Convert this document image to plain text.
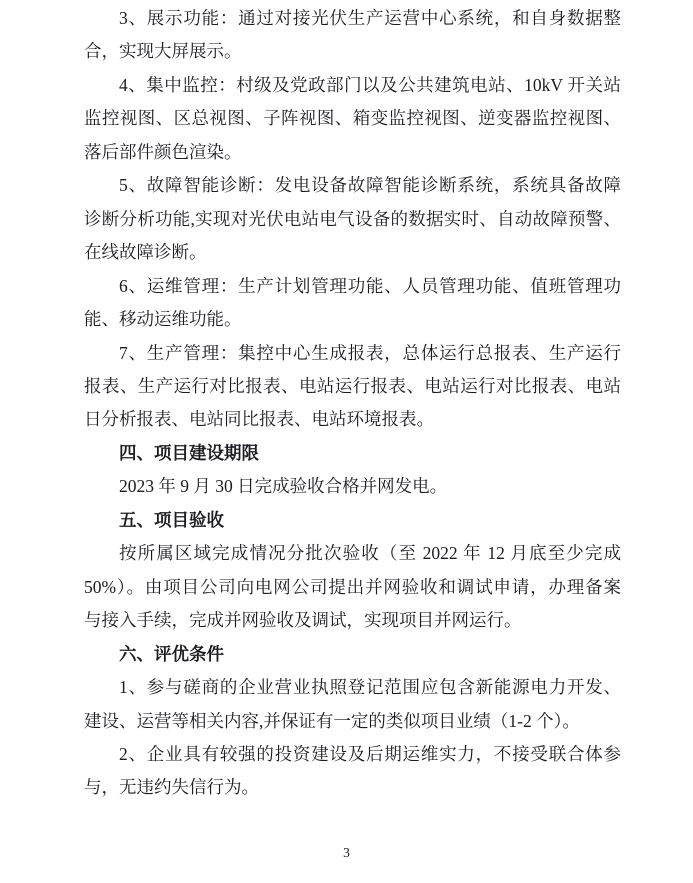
3、展示功能：通过对接光伏生产运营中心系统，和自身数据整
合，实现大屏展示。
4、集中监控：村级及党政部门以及公共建筑电站、10kV 开关站
监控视图、区总视图、子阵视图、箱变监控视图、逆变器监控视图、
落后部件颜色渲染。
5、故障智能诊断：发电设备故障智能诊断系统，系统具备故障
诊断分析功能,实现对光伏电站电气设备的数据实时、自动故障预警、
在线故障诊断。
6、运维管理：生产计划管理功能、人员管理功能、值班管理功
能、移动运维功能。
7、生产管理：集控中心生成报表，总体运行总报表、生产运行
报表、生产运行对比报表、电站运行报表、电站运行对比报表、电站
日分析报表、电站同比报表、电站环境报表。
四、项目建设期限
2023 年 9 月 30 日完成验收合格并网发电。
五、项目验收
按所属区域完成情况分批次验收（至 2022 年 12 月底至少完成
50%）。由项目公司向电网公司提出并网验收和调试申请，办理备案
与接入手续，完成并网验收及调试，实现项目并网运行。
六、评优条件
1、参与磋商的企业营业执照登记范围应包含新能源电力开发、
建设、运营等相关内容,并保证有一定的类似项目业绩（1-2 个）。
2、企业具有较强的投资建设及后期运维实力，不接受联合体参
与，无违约失信行为。
3
